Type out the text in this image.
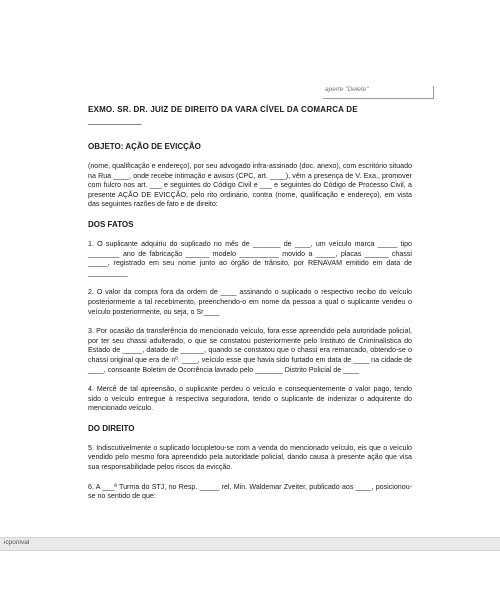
aperte "Delete"

EXMO. SR. DR. JUIZ DE DIREITO DA VARA CÍVEL DA COMARCA DE

____________

OBJETO: AÇÃO DE EVICÇÃO

(nome, qualificação e endereço), por seu advogado infra-assinado (doc. anexo), com escritório situado na Rua ____, onde recebe intimação e avisos (CPC, art. ____), vêm a presença de V. Exa., promover com fulcro nos art. ___ e seguintes do Código Civil e ___ e seguintes do Código de Processo Civil, a presente AÇÃO DE EVICÇÃO, pelo rito ordinário, contra (nome, qualificação e endereço), em vista das seguintes razões de fato e de direito:

DOS FATOS

1. O suplicante adquiriu do suplicado no mês de _______ de ____, um veículo marca _____ tipo ________ ano de fabricação ______ modelo __________ movido a _____, placas ______ chassi _____, registrado em seu nome junto ao órgão de trânsito, por RENAVAM emitido em data de __________

2. O valor da compra fora da ordem de ____ assinando o suplicado o respectivo recibo do veículo posteriormente a tal recebimento, preenchendo-o em nome da pessoa a qual o suplicante vendeu o veículo posteriormente, ou seja, o Sr____

3. Por ocasião da transferência do mencionado veículo, fora esse apreendido pela autoridade policial, por ter seu chassi adulterado, o que se constatou posteriormente pelo Instituto de Criminalística do Estado de _____, datado de ______, quando se constatou que o chassi era remarcado, obtendo-se o chassi original que era de nº. ____, veículo esse que havia sido furtado em data de ____ na cidade de ____, consoante Boletim de Ocorrência lavrado pelo _______ Distrito Policial de ____

4. Mercê de tal apreensão, o suplicante perdeu o veículo e consequentemente o valor pago, tendo sido o veículo entregue à respectiva seguradora, tendo o suplicante de indenizar o adquirente do mencionado veículo.

DO DIREITO

5. Indiscutivelmente o suplicado locupletou-se com a venda do mencionado veículo, eis que o veículo vendido pelo mesmo fora apreendido pela autoridade policial, dando causa à presente ação que visa sua responsabilidade pelos riscos da evicção.

6. A ___ª Turma do STJ, no Resp. _____ rel. Min. Waldemar Zveiter, publicado aos ____, posicionou-se no sentido de que:

icponival
